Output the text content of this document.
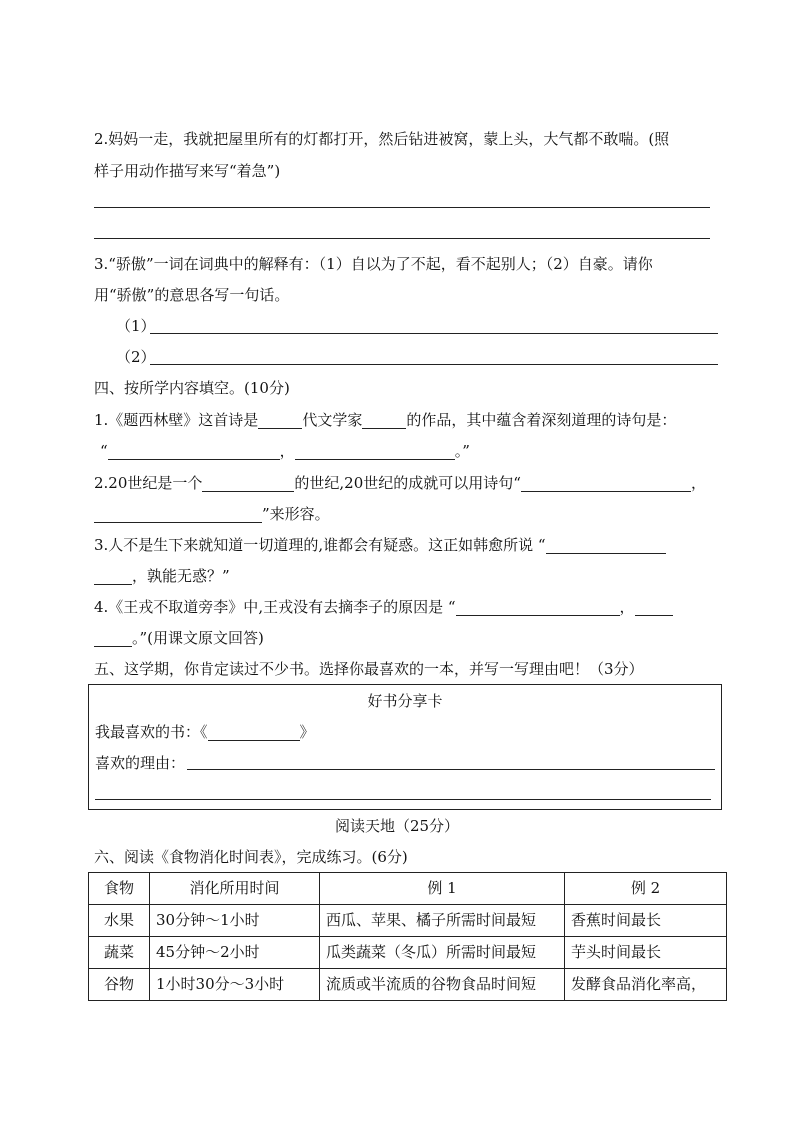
2.妈妈一走，我就把屋里所有的灯都打开，然后钻进被窝，蒙上头，大气都不敢喘。(照
样子用动作描写来写“着急”)
3.“骄傲”一词在词典中的解释有：（1）自以为了不起，看不起别人；（2）自豪。请你
用“骄傲”的意思各写一句话。
（1）
（2）
四、按所学内容填空。(10分)
1.《题西林壁》这首诗是	代文学家	的作品，其中蕴含着深刻道理的诗句是：
“	，	。”
2.20世纪是一个	的世纪,20世纪的成就可以用诗句“	，
”来形容。
3.人不是生下来就知道一切道理的,谁都会有疑惑。这正如韩愈所说 “
，孰能无惑？”
4.《王戎不取道旁李》中,王戎没有去摘李子的原因是 “	，
。”(用课文原文回答)
五、这学期，你肯定读过不少书。选择你最喜欢的一本，并写一写理由吧！（3分）
好书分享卡
我最喜欢的书：《	》
喜欢的理由：
阅读天地（25分）
六、阅读《食物消化时间表》，完成练习。(6分)
食物	消化所用时间	例 1	例 2
水果	30分钟～1小时	西瓜、苹果、橘子所需时间最短	香蕉时间最长
蔬菜	45分钟～2小时	瓜类蔬菜（冬瓜）所需时间最短	芋头时间最长
谷物	1小时30分～3小时	流质或半流质的谷物食品时间短	发酵食品消化率高，
